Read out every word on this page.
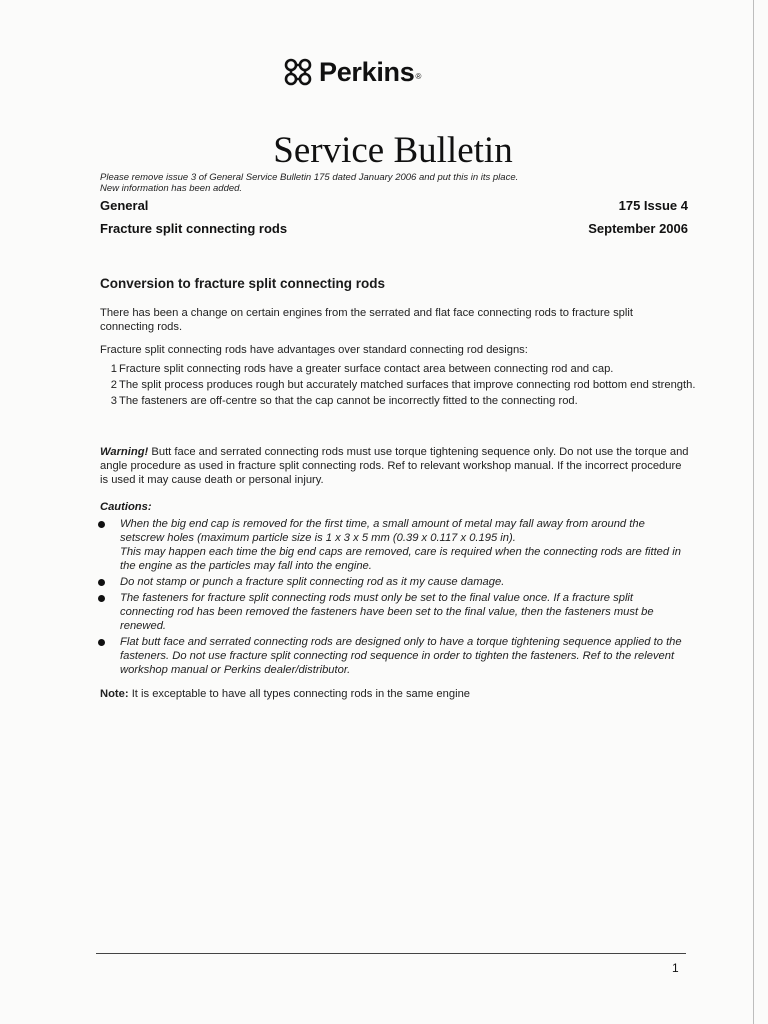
Perkins ®
Service Bulletin
Please remove issue 3 of General Service Bulletin 175 dated January 2006 and put this in its place.
New information has been added.
General
Fracture split connecting rods
175 Issue 4
September 2006
Conversion to fracture split connecting rods
There has been a change on certain engines from the serrated and flat face connecting rods to fracture split connecting rods.
Fracture split connecting rods have advantages over standard connecting rod designs:
1 Fracture split connecting rods have a greater surface contact area between connecting rod and cap.
2 The split process produces rough but accurately matched surfaces that improve connecting rod bottom end strength.
3 The fasteners are off-centre so that the cap cannot be incorrectly fitted to the connecting rod.
Warning! Butt face and serrated connecting rods must use torque tightening sequence only. Do not use the torque and angle procedure as used in fracture split connecting rods. Ref to relevant workshop manual. If the incorrect procedure is used it may cause death or personal injury.
Cautions:
When the big end cap is removed for the first time, a small amount of metal may fall away from around the setscrew holes (maximum particle size is 1 x 3 x 5 mm (0.39 x 0.117 x 0.195 in).
This may happen each time the big end caps are removed, care is required when the connecting rods are fitted in the engine as the particles may fall into the engine.
Do not stamp or punch a fracture split connecting rod as it my cause damage.
The fasteners for fracture split connecting rods must only be set to the final value once. If a fracture split connecting rod has been removed the fasteners have been set to the final value, then the fasteners must be renewed.
Flat butt face and serrated connecting rods are designed only to have a torque tightening sequence applied to the fasteners. Do not use fracture split connecting rod sequence in order to tighten the fasteners. Ref to the relevent workshop manual or Perkins dealer/distributor.
Note: It is exceptable to have all types connecting rods in the same engine
1
